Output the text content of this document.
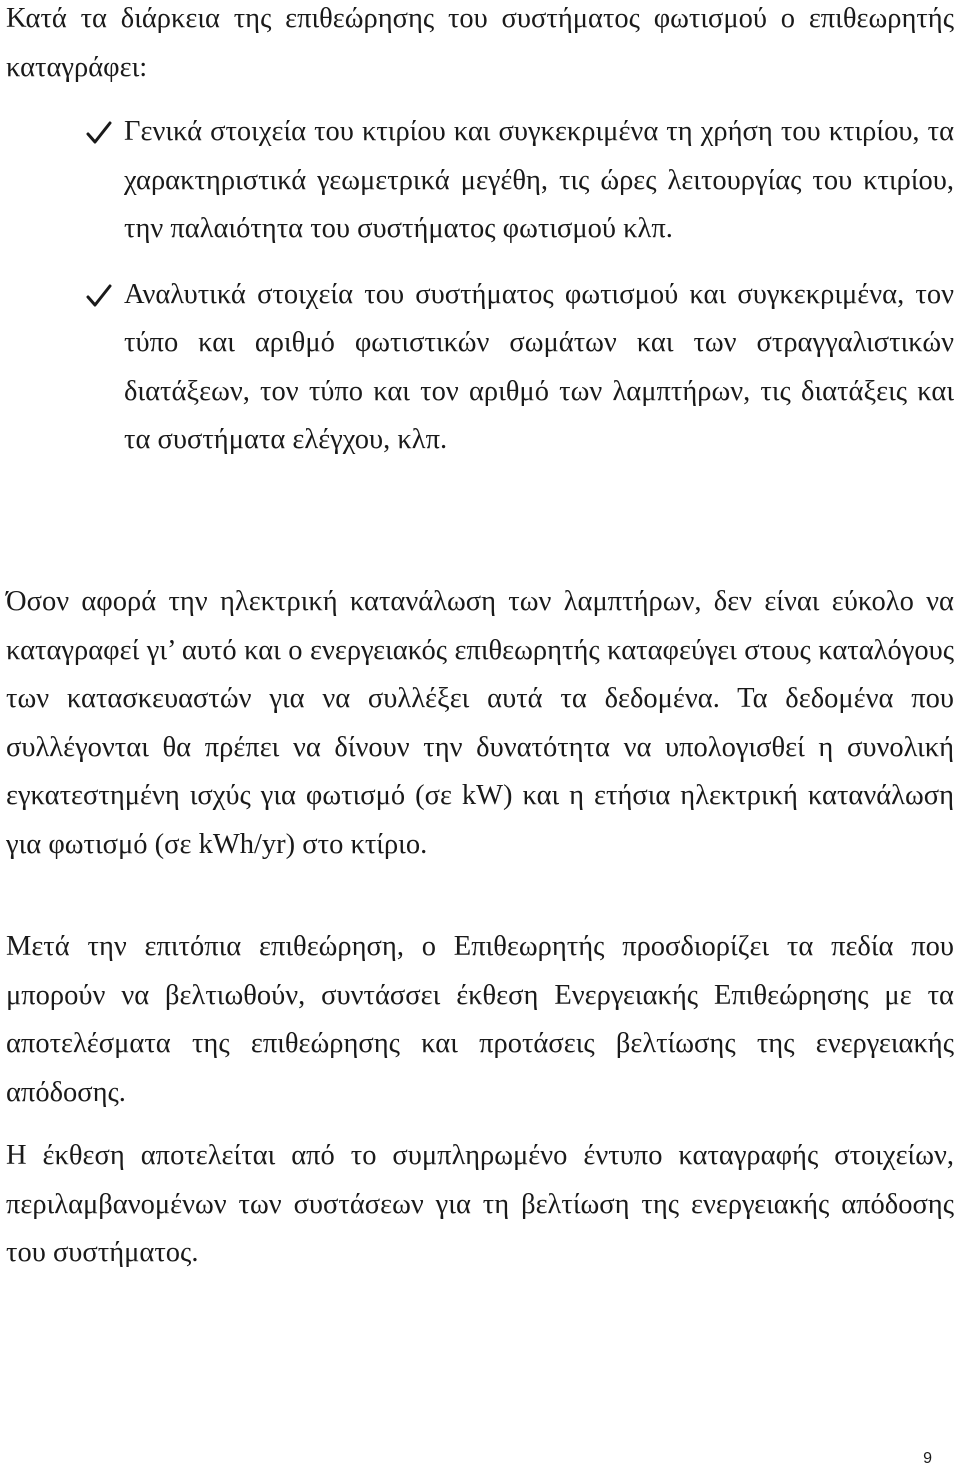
Κατά τα διάρκεια της επιθεώρησης του συστήματος φωτισμού ο επιθεωρητής καταγράφει:

Γενικά στοιχεία του κτιρίου και συγκεκριμένα τη χρήση του κτιρίου, τα χαρακτηριστικά γεωμετρικά μεγέθη, τις ώρες λειτουργίας του κτιρίου, την παλαιότητα του συστήματος φωτισμού κλπ.
Αναλυτικά στοιχεία του συστήματος φωτισμού και συγκεκριμένα, τον τύπο και αριθμό φωτιστικών σωμάτων και των στραγγαλιστικών διατάξεων, τον τύπο και τον αριθμό των λαμπτήρων, τις διατάξεις και τα συστήματα ελέγχου, κλπ.

Όσον αφορά την ηλεκτρική κατανάλωση των λαμπτήρων, δεν είναι εύκολο να καταγραφεί γι’ αυτό και ο ενεργειακός επιθεωρητής καταφεύγει στους καταλόγους των κατασκευαστών για να συλλέξει αυτά τα δεδομένα. Τα δεδομένα που συλλέγονται θα πρέπει να δίνουν την δυνατότητα να υπολογισθεί η συνολική εγκατεστημένη ισχύς για φωτισμό (σε kW) και η ετήσια ηλεκτρική κατανάλωση για φωτισμό (σε kWh/yr) στο κτίριο.

Μετά την επιτόπια επιθεώρηση, ο Επιθεωρητής προσδιορίζει τα πεδία που μπορούν να βελτιωθούν, συντάσσει έκθεση Ενεργειακής Επιθεώρησης με τα αποτελέσματα της επιθεώρησης και προτάσεις βελτίωσης της ενεργειακής απόδοσης.

Η έκθεση αποτελείται από το συμπληρωμένο έντυπο καταγραφής στοιχείων, περιλαμβανομένων των συστάσεων για τη βελτίωση της ενεργειακής απόδοσης του συστήματος.

9
